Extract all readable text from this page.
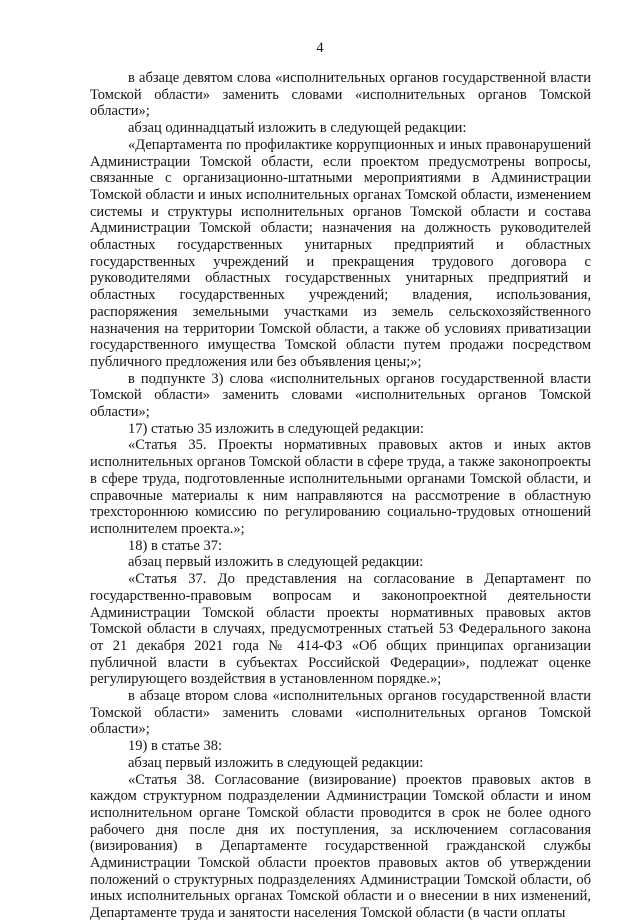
4

в абзаце девятом слова «исполнительных органов государственной власти Томской области» заменить словами «исполнительных органов Томской области»;

абзац одиннадцатый изложить в следующей редакции:

«Департамента по профилактике коррупционных и иных правонарушений Администрации Томской области, если проектом предусмотрены вопросы, связанные с организационно-штатными мероприятиями в Администрации Томской области и иных исполнительных органах Томской области, изменением системы и структуры исполнительных органов Томской области и состава Администрации Томской области; назначения на должность руководителей областных государственных унитарных предприятий и областных государственных учреждений и прекращения трудового договора с руководителями областных государственных унитарных предприятий и областных государственных учреждений; владения, использования, распоряжения земельными участками из земель сельскохозяйственного назначения на территории Томской области, а также об условиях приватизации государственного имущества Томской области путем продажи посредством публичного предложения или без объявления цены;»;

в подпункте 3) слова «исполнительных органов государственной власти Томской области» заменить словами «исполнительных органов Томской области»;

17) статью 35 изложить в следующей редакции:

«Статья 35. Проекты нормативных правовых актов и иных актов исполнительных органов Томской области в сфере труда, а также законопроекты в сфере труда, подготовленные исполнительными органами Томской области, и справочные материалы к ним направляются на рассмотрение в областную трехстороннюю комиссию по регулированию социально-трудовых отношений исполнителем проекта.»;

18) в статье 37:

абзац первый изложить в следующей редакции:

«Статья 37. До представления на согласование в Департамент по государственно-правовым вопросам и законопроектной деятельности Администрации Томской области проекты нормативных правовых актов Томской области в случаях, предусмотренных статьей 53 Федерального закона от 21 декабря 2021 года № 414-ФЗ «Об общих принципах организации публичной власти в субъектах Российской Федерации», подлежат оценке регулирующего воздействия в установленном порядке.»;

в абзаце втором слова «исполнительных органов государственной власти Томской области» заменить словами «исполнительных органов Томской области»;

19) в статье 38:

абзац первый изложить в следующей редакции:

«Статья 38. Согласование (визирование) проектов правовых актов в каждом структурном подразделении Администрации Томской области и ином исполнительном органе Томской области проводится в срок не более одного рабочего дня после дня их поступления, за исключением согласования (визирования) в Департаменте государственной гражданской службы Администрации Томской области проектов правовых актов об утверждении положений о структурных подразделениях Администрации Томской области, об иных исполнительных органах Томской области и о внесении в них изменений, Департаменте труда и занятости населения Томской области (в части оплаты
